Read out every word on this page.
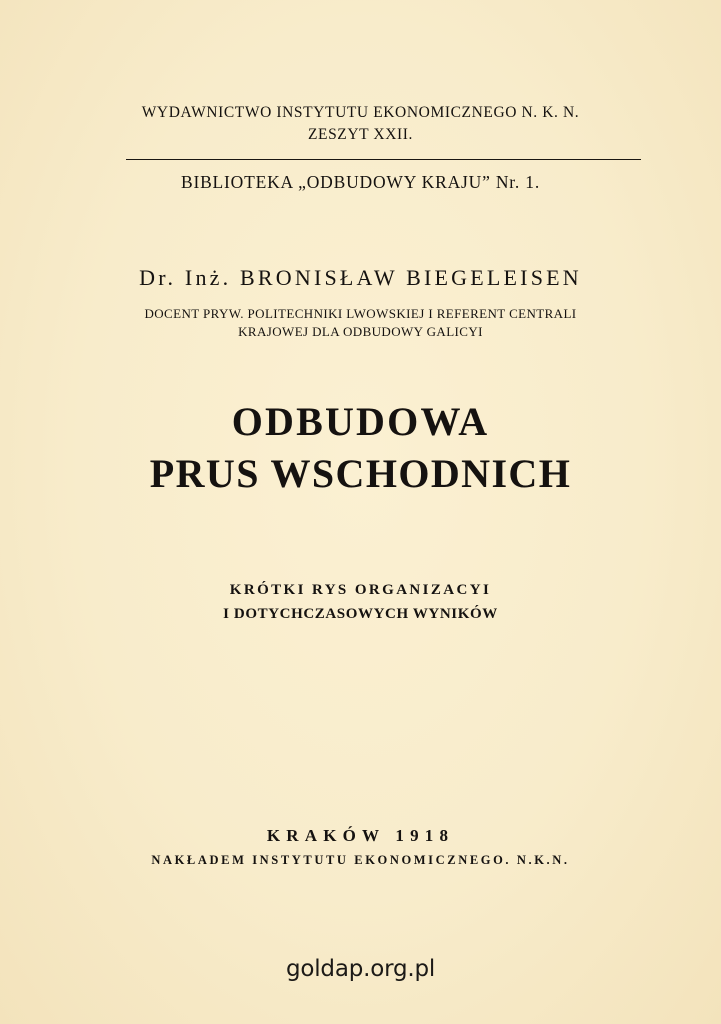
WYDAWNICTWO INSTYTUTU EKONOMICZNEGO N. K. N.
ZESZYT XXII.
BIBLIOTEKA „ODBUDOWY KRAJU” Nr. 1.
Dr. Inż. BRONISŁAW BIEGELEISEN
DOCENT PRYW. POLITECHNIKI LWOWSKIEJ I REFERENT CENTRALI
KRAJOWEJ DLA ODBUDOWY GALICYI
ODBUDOWA
PRUS WSCHODNICH
KRÓTKI RYS ORGANIZACYI
I DOTYCHCZASOWYCH WYNIKÓW
KRAKÓW 1918
NAKŁADEM INSTYTUTU EKONOMICZNEGO. N.K.N.
goldap.org.pl
